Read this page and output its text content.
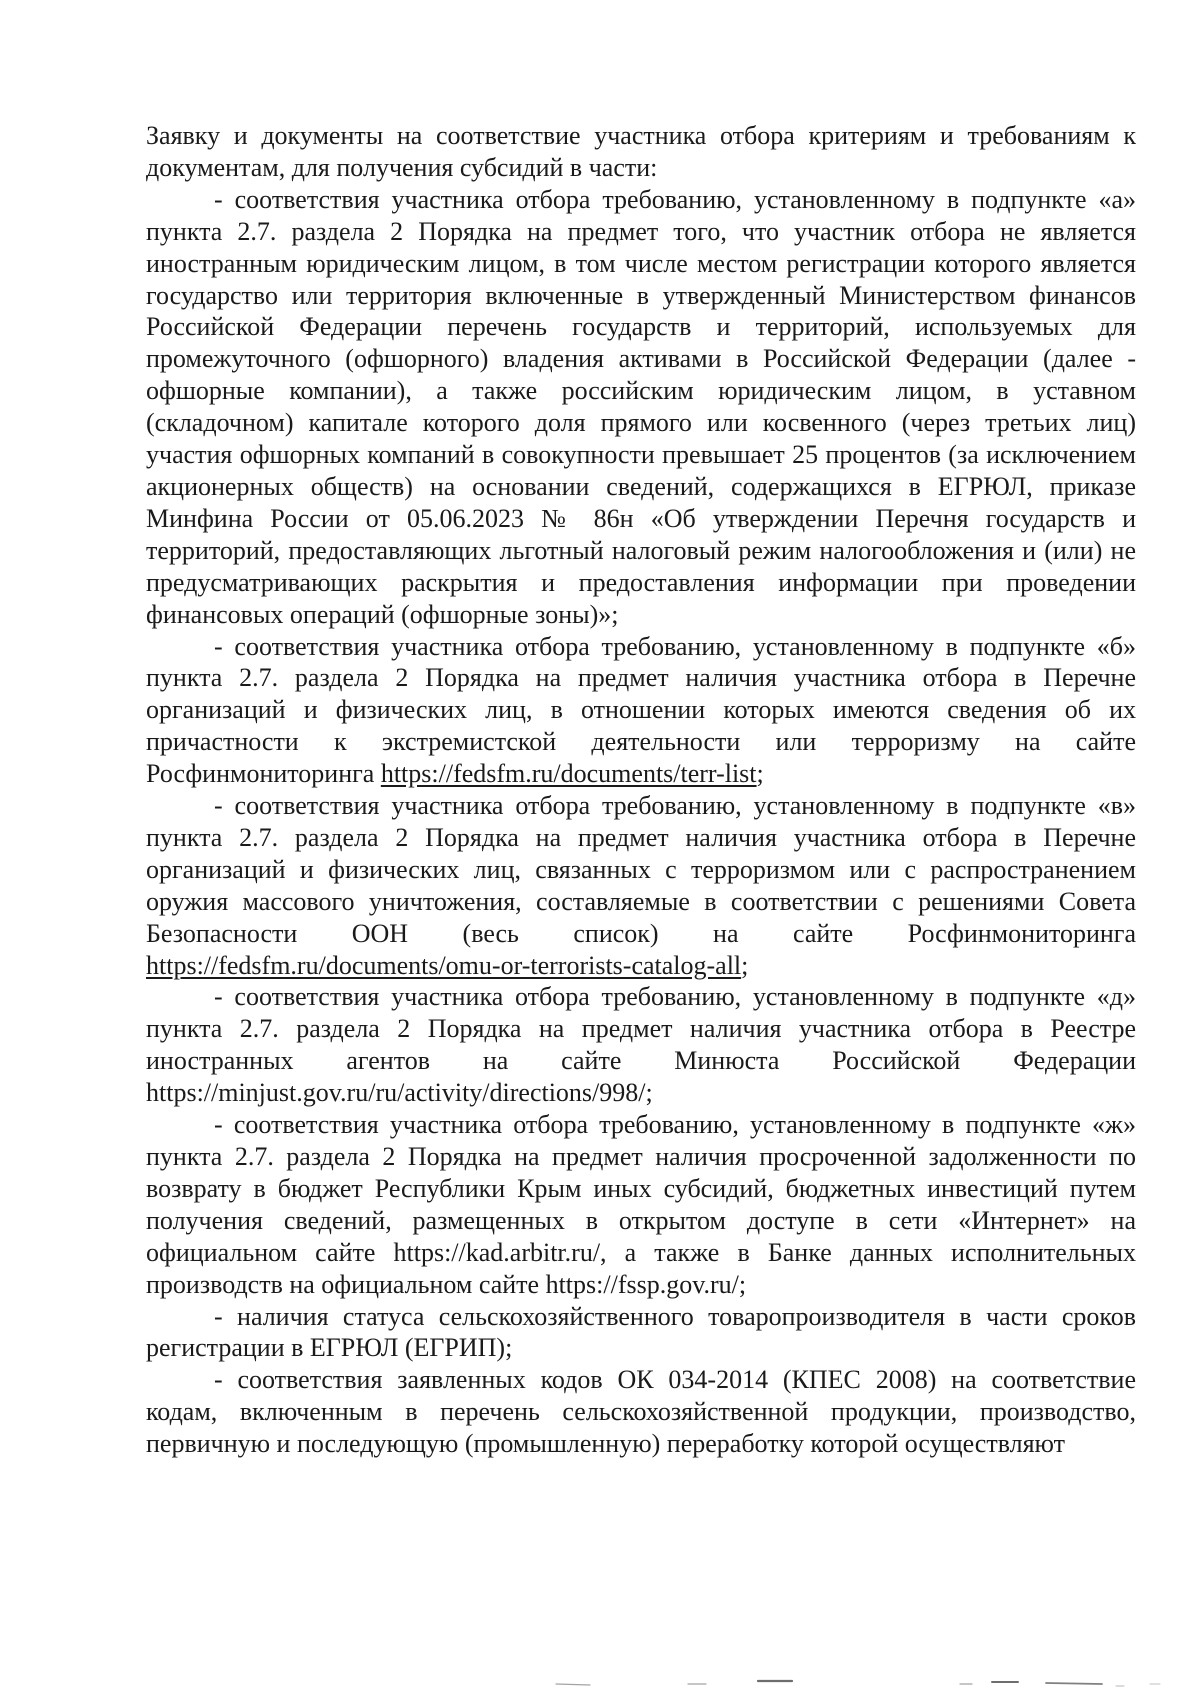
Заявку и документы на соответствие участника отбора критериям и требованиям к документам, для получения субсидий в части:

- соответствия участника отбора требованию, установленному в подпункте «а» пункта 2.7. раздела 2 Порядка на предмет того, что участник отбора не является иностранным юридическим лицом, в том числе местом регистрации которого является государство или территория включенные в утвержденный Министерством финансов Российской Федерации перечень государств и территорий, используемых для промежуточного (офшорного) владения активами в Российской Федерации (далее - офшорные компании), а также российским юридическим лицом, в уставном (складочном) капитале которого доля прямого или косвенного (через третьих лиц) участия офшорных компаний в совокупности превышает 25 процентов (за исключением акционерных обществ) на основании сведений, содержащихся в ЕГРЮЛ, приказе Минфина России от 05.06.2023 № 86н «Об утверждении Перечня государств и территорий, предоставляющих льготный налоговый режим налогообложения и (или) не предусматривающих раскрытия и предоставления информации при проведении финансовых операций (офшорные зоны)»;

- соответствия участника отбора требованию, установленному в подпункте «б» пункта 2.7. раздела 2 Порядка на предмет наличия участника отбора в Перечне организаций и физических лиц, в отношении которых имеются сведения об их причастности к экстремистской деятельности или терроризму на сайте Росфинмониторинга https://fedsfm.ru/documents/terr-list;

- соответствия участника отбора требованию, установленному в подпункте «в» пункта 2.7. раздела 2 Порядка на предмет наличия участника отбора в Перечне организаций и физических лиц, связанных с терроризмом или с распространением оружия массового уничтожения, составляемые в соответствии с решениями Совета Безопасности ООН (весь список) на сайте Росфинмониторинга https://fedsfm.ru/documents/omu-or-terrorists-catalog-all;

- соответствия участника отбора требованию, установленному в подпункте «д» пункта 2.7. раздела 2 Порядка на предмет наличия участника отбора в Реестре иностранных агентов на сайте Минюста Российской Федерации https://minjust.gov.ru/ru/activity/directions/998/;

- соответствия участника отбора требованию, установленному в подпункте «ж» пункта 2.7. раздела 2 Порядка на предмет наличия просроченной задолженности по возврату в бюджет Республики Крым иных субсидий, бюджетных инвестиций путем получения сведений, размещенных в открытом доступе в сети «Интернет» на официальном сайте https://kad.arbitr.ru/, а также в Банке данных исполнительных производств на официальном сайте https://fssp.gov.ru/;

- наличия статуса сельскохозяйственного товаропроизводителя в части сроков регистрации в ЕГРЮЛ (ЕГРИП);

- соответствия заявленных кодов ОК 034-2014 (КПЕС 2008) на соответствие кодам, включенным в перечень сельскохозяйственной продукции, производство, первичную и последующую (промышленную) переработку которой осуществляют
